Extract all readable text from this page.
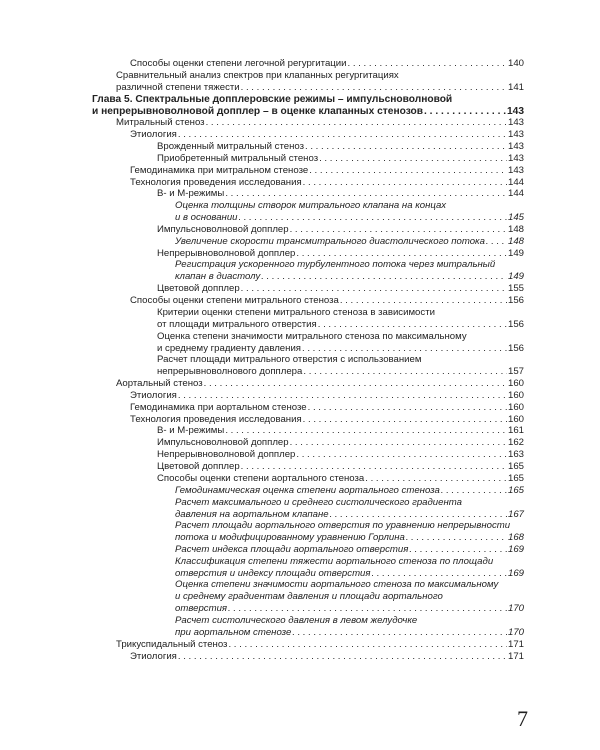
Способы оценки степени легочной регургитации . . .	140
Сравнительный анализ спектров при клапанных регургитациях
различной степени тяжести . . .	141
Глава 5. Спектральные допплеровские режимы – импульсноволновой
и непрерывноволновой допплер – в оценке клапанных стенозов . . .	143
Митральный стеноз . . .	143
Этиология . . .	143
Врожденный митральный стеноз . . .	143
Приобретенный митральный стеноз . . .	143
Гемодинамика при митральном стенозе . . .	143
Технология проведения исследования . . .	144
В- и М-режимы . . .	144
Оценка толщины створок митрального клапана на концах
и в основании . . .	145
Импульсноволновой допплер . . .	148
Увеличение скорости трансмитрального диастолического потока . . . 148
Непрерывноволновой допплер . . .	149
Регистрация ускоренного турбулентного потока через митральный
клапан в диастолу . . .	149
Цветовой допплер . . .	155
Способы оценки степени митрального стеноза . . .	156
Критерии оценки степени митрального стеноза в зависимости
от площади митрального отверстия . . .	156
Оценка степени значимости митрального стеноза по максимальному
и среднему градиенту давления . . .	156
Расчет площади митрального отверстия с использованием
непрерывноволнового допплера . . .	157
Аортальный стеноз . . .	160
Этиология . . .	160
Гемодинамика при аортальном стенозе . . .	160
Технология проведения исследования . . .	160
В- и М-режимы . . .	161
Импульсноволновой допплер . . .	162
Непрерывноволновой допплер . . .	163
Цветовой допплер . . .	165
Способы оценки степени аортального стеноза . . .	165
Гемодинамическая оценка степени аортального стеноза . . .	165
Расчет максимального и среднего систолического градиента
давления на аортальном клапане . . .	167
Расчет площади аортального отверстия по уравнению непрерывности
потока и модифицированному уравнению Горлина . . .	168
Расчет индекса площади аортального отверстия . . .	169
Классификация степени тяжести аортального стеноза по площади
отверстия и индексу площади отверстия . . .	169
Оценка степени значимости аортального стеноза по максимальному
и среднему градиентам давления и площади аортального
отверстия . . .	170
Расчет систолического давления в левом желудочке
при аортальном стенозе . . .	170
Трикуспидальный стеноз . . .	171
Этиология . . .	171
7
